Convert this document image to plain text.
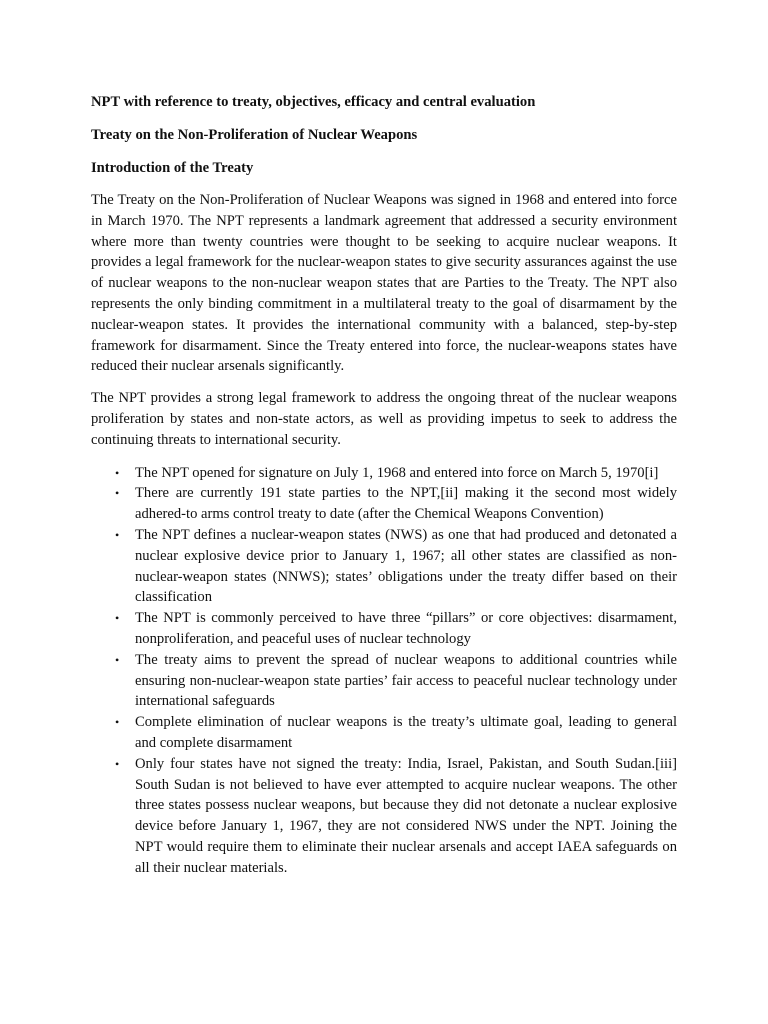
NPT with reference to treaty, objectives, efficacy and central evaluation

Treaty on the Non-Proliferation of Nuclear Weapons

Introduction of the Treaty

The Treaty on the Non-Proliferation of Nuclear Weapons was signed in 1968 and entered into force in March 1970. The NPT represents a landmark agreement that addressed a security environment where more than twenty countries were thought to be seeking to acquire nuclear weapons. It provides a legal framework for the nuclear-weapon states to give security assurances against the use of nuclear weapons to the non-nuclear weapon states that are Parties to the Treaty. The NPT also represents the only binding commitment in a multilateral treaty to the goal of disarmament by the nuclear-weapon states. It provides the international community with a balanced, step-by-step framework for disarmament. Since the Treaty entered into force, the nuclear-weapons states have reduced their nuclear arsenals significantly.

The NPT provides a strong legal framework to address the ongoing threat of the nuclear weapons proliferation by states and non-state actors, as well as providing impetus to seek to address the continuing threats to international security.

• The NPT opened for signature on July 1, 1968 and entered into force on March 5, 1970[i]
• There are currently 191 state parties to the NPT,[ii] making it the second most widely adhered-to arms control treaty to date (after the Chemical Weapons Convention)
• The NPT defines a nuclear-weapon states (NWS) as one that had produced and detonated a nuclear explosive device prior to January 1, 1967; all other states are classified as non-nuclear-weapon states (NNWS); states’ obligations under the treaty differ based on their classification
• The NPT is commonly perceived to have three “pillars” or core objectives: disarmament, nonproliferation, and peaceful uses of nuclear technology
• The treaty aims to prevent the spread of nuclear weapons to additional countries while ensuring non-nuclear-weapon state parties’ fair access to peaceful nuclear technology under international safeguards
• Complete elimination of nuclear weapons is the treaty’s ultimate goal, leading to general and complete disarmament
• Only four states have not signed the treaty: India, Israel, Pakistan, and South Sudan.[iii] South Sudan is not believed to have ever attempted to acquire nuclear weapons. The other three states possess nuclear weapons, but because they did not detonate a nuclear explosive device before January 1, 1967, they are not considered NWS under the NPT. Joining the NPT would require them to eliminate their nuclear arsenals and accept IAEA safeguards on all their nuclear materials.
